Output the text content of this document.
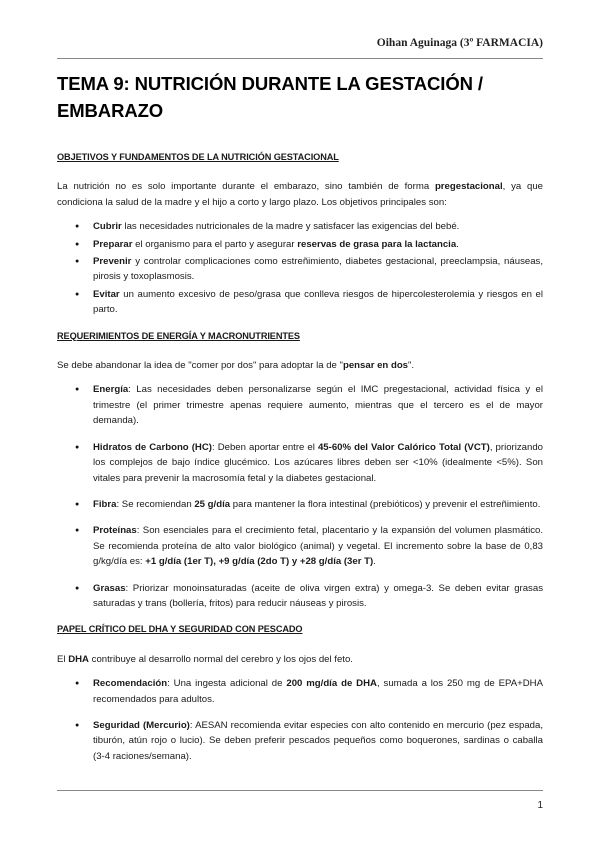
Oihan Aguinaga (3º FARMACIA)
TEMA 9: NUTRICIÓN DURANTE LA GESTACIÓN / EMBARAZO
OBJETIVOS Y FUNDAMENTOS DE LA NUTRICIÓN GESTACIONAL

La nutrición no es solo importante durante el embarazo, sino también de forma pregestacional, ya que condiciona la salud de la madre y el hijo a corto y largo plazo. Los objetivos principales son:

● Cubrir las necesidades nutricionales de la madre y satisfacer las exigencias del bebé.
● Preparar el organismo para el parto y asegurar reservas de grasa para la lactancia.
● Prevenir y controlar complicaciones como estreñimiento, diabetes gestacional, preeclampsia, náuseas, pirosis y toxoplasmosis.
● Evitar un aumento excesivo de peso/grasa que conlleva riesgos de hipercolesterolemia y riesgos en el parto.
REQUERIMIENTOS DE ENERGÍA Y MACRONUTRIENTES

Se debe abandonar la idea de "comer por dos" para adoptar la de "pensar en dos".

● Energía: Las necesidades deben personalizarse según el IMC pregestacional, actividad física y el trimestre (el primer trimestre apenas requiere aumento, mientras que el tercero es el de mayor demanda).
● Hidratos de Carbono (HC): Deben aportar entre el 45-60% del Valor Calórico Total (VCT), priorizando los complejos de bajo índice glucémico. Los azúcares libres deben ser <10% (idealmente <5%). Son vitales para prevenir la macrosomía fetal y la diabetes gestacional.
● Fibra: Se recomiendan 25 g/día para mantener la flora intestinal (prebióticos) y prevenir el estreñimiento.
● Proteínas: Son esenciales para el crecimiento fetal, placentario y la expansión del volumen plasmático. Se recomienda proteína de alto valor biológico (animal) y vegetal. El incremento sobre la base de 0,83 g/kg/día es: +1 g/día (1er T), +9 g/día (2do T) y +28 g/día (3er T).
● Grasas: Priorizar monoinsaturadas (aceite de oliva virgen extra) y omega-3. Se deben evitar grasas saturadas y trans (bollería, fritos) para reducir náuseas y pirosis.
PAPEL CRÍTICO DEL DHA Y SEGURIDAD CON PESCADO

El DHA contribuye al desarrollo normal del cerebro y los ojos del feto.

● Recomendación: Una ingesta adicional de 200 mg/día de DHA, sumada a los 250 mg de EPA+DHA recomendados para adultos.
● Seguridad (Mercurio): AESAN recomienda evitar especies con alto contenido en mercurio (pez espada, tiburón, atún rojo o lucio). Se deben preferir pescados pequeños como boquerones, sardinas o caballa (3-4 raciones/semana).
1
